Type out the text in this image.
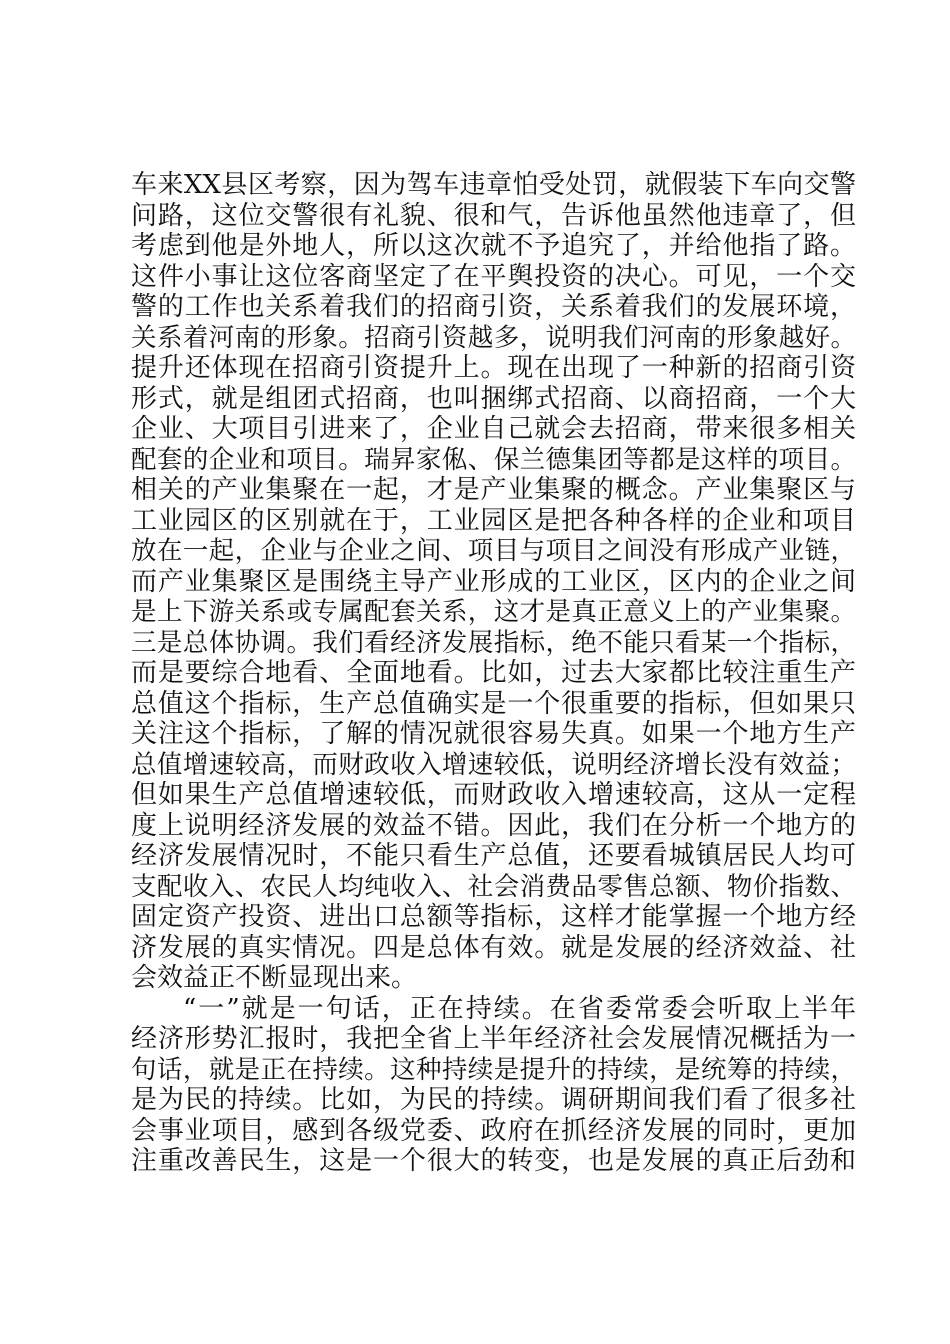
车来XX县区考察，因为驾车违章怕受处罚，就假装下车向交警
问路，这位交警很有礼貌、很和气，告诉他虽然他违章了，但
考虑到他是外地人，所以这次就不予追究了，并给他指了路。
这件小事让这位客商坚定了在平舆投资的决心。可见，一个交
警的工作也关系着我们的招商引资，关系着我们的发展环境，
关系着河南的形象。招商引资越多，说明我们河南的形象越好。
提升还体现在招商引资提升上。现在出现了一种新的招商引资
形式，就是组团式招商，也叫捆绑式招商、以商招商，一个大
企业、大项目引进来了，企业自己就会去招商，带来很多相关
配套的企业和项目。瑞昇家俬、保兰德集团等都是这样的项目。
相关的产业集聚在一起，才是产业集聚的概念。产业集聚区与
工业园区的区别就在于，工业园区是把各种各样的企业和项目
放在一起，企业与企业之间、项目与项目之间没有形成产业链，
而产业集聚区是围绕主导产业形成的工业区，区内的企业之间
是上下游关系或专属配套关系，这才是真正意义上的产业集聚。
三是总体协调。我们看经济发展指标，绝不能只看某一个指标，
而是要综合地看、全面地看。比如，过去大家都比较注重生产
总值这个指标，生产总值确实是一个很重要的指标，但如果只
关注这个指标，了解的情况就很容易失真。如果一个地方生产
总值增速较高，而财政收入增速较低，说明经济增长没有效益；
但如果生产总值增速较低，而财政收入增速较高，这从一定程
度上说明经济发展的效益不错。因此，我们在分析一个地方的
经济发展情况时，不能只看生产总值，还要看城镇居民人均可
支配收入、农民人均纯收入、社会消费品零售总额、物价指数、
固定资产投资、进出口总额等指标，这样才能掌握一个地方经
济发展的真实情况。四是总体有效。就是发展的经济效益、社
会效益正不断显现出来。
“一”就是一句话，正在持续。在省委常委会听取上半年
经济形势汇报时，我把全省上半年经济社会发展情况概括为一
句话，就是正在持续。这种持续是提升的持续，是统筹的持续，
是为民的持续。比如，为民的持续。调研期间我们看了很多社
会事业项目，感到各级党委、政府在抓经济发展的同时，更加
注重改善民生，这是一个很大的转变，也是发展的真正后劲和
